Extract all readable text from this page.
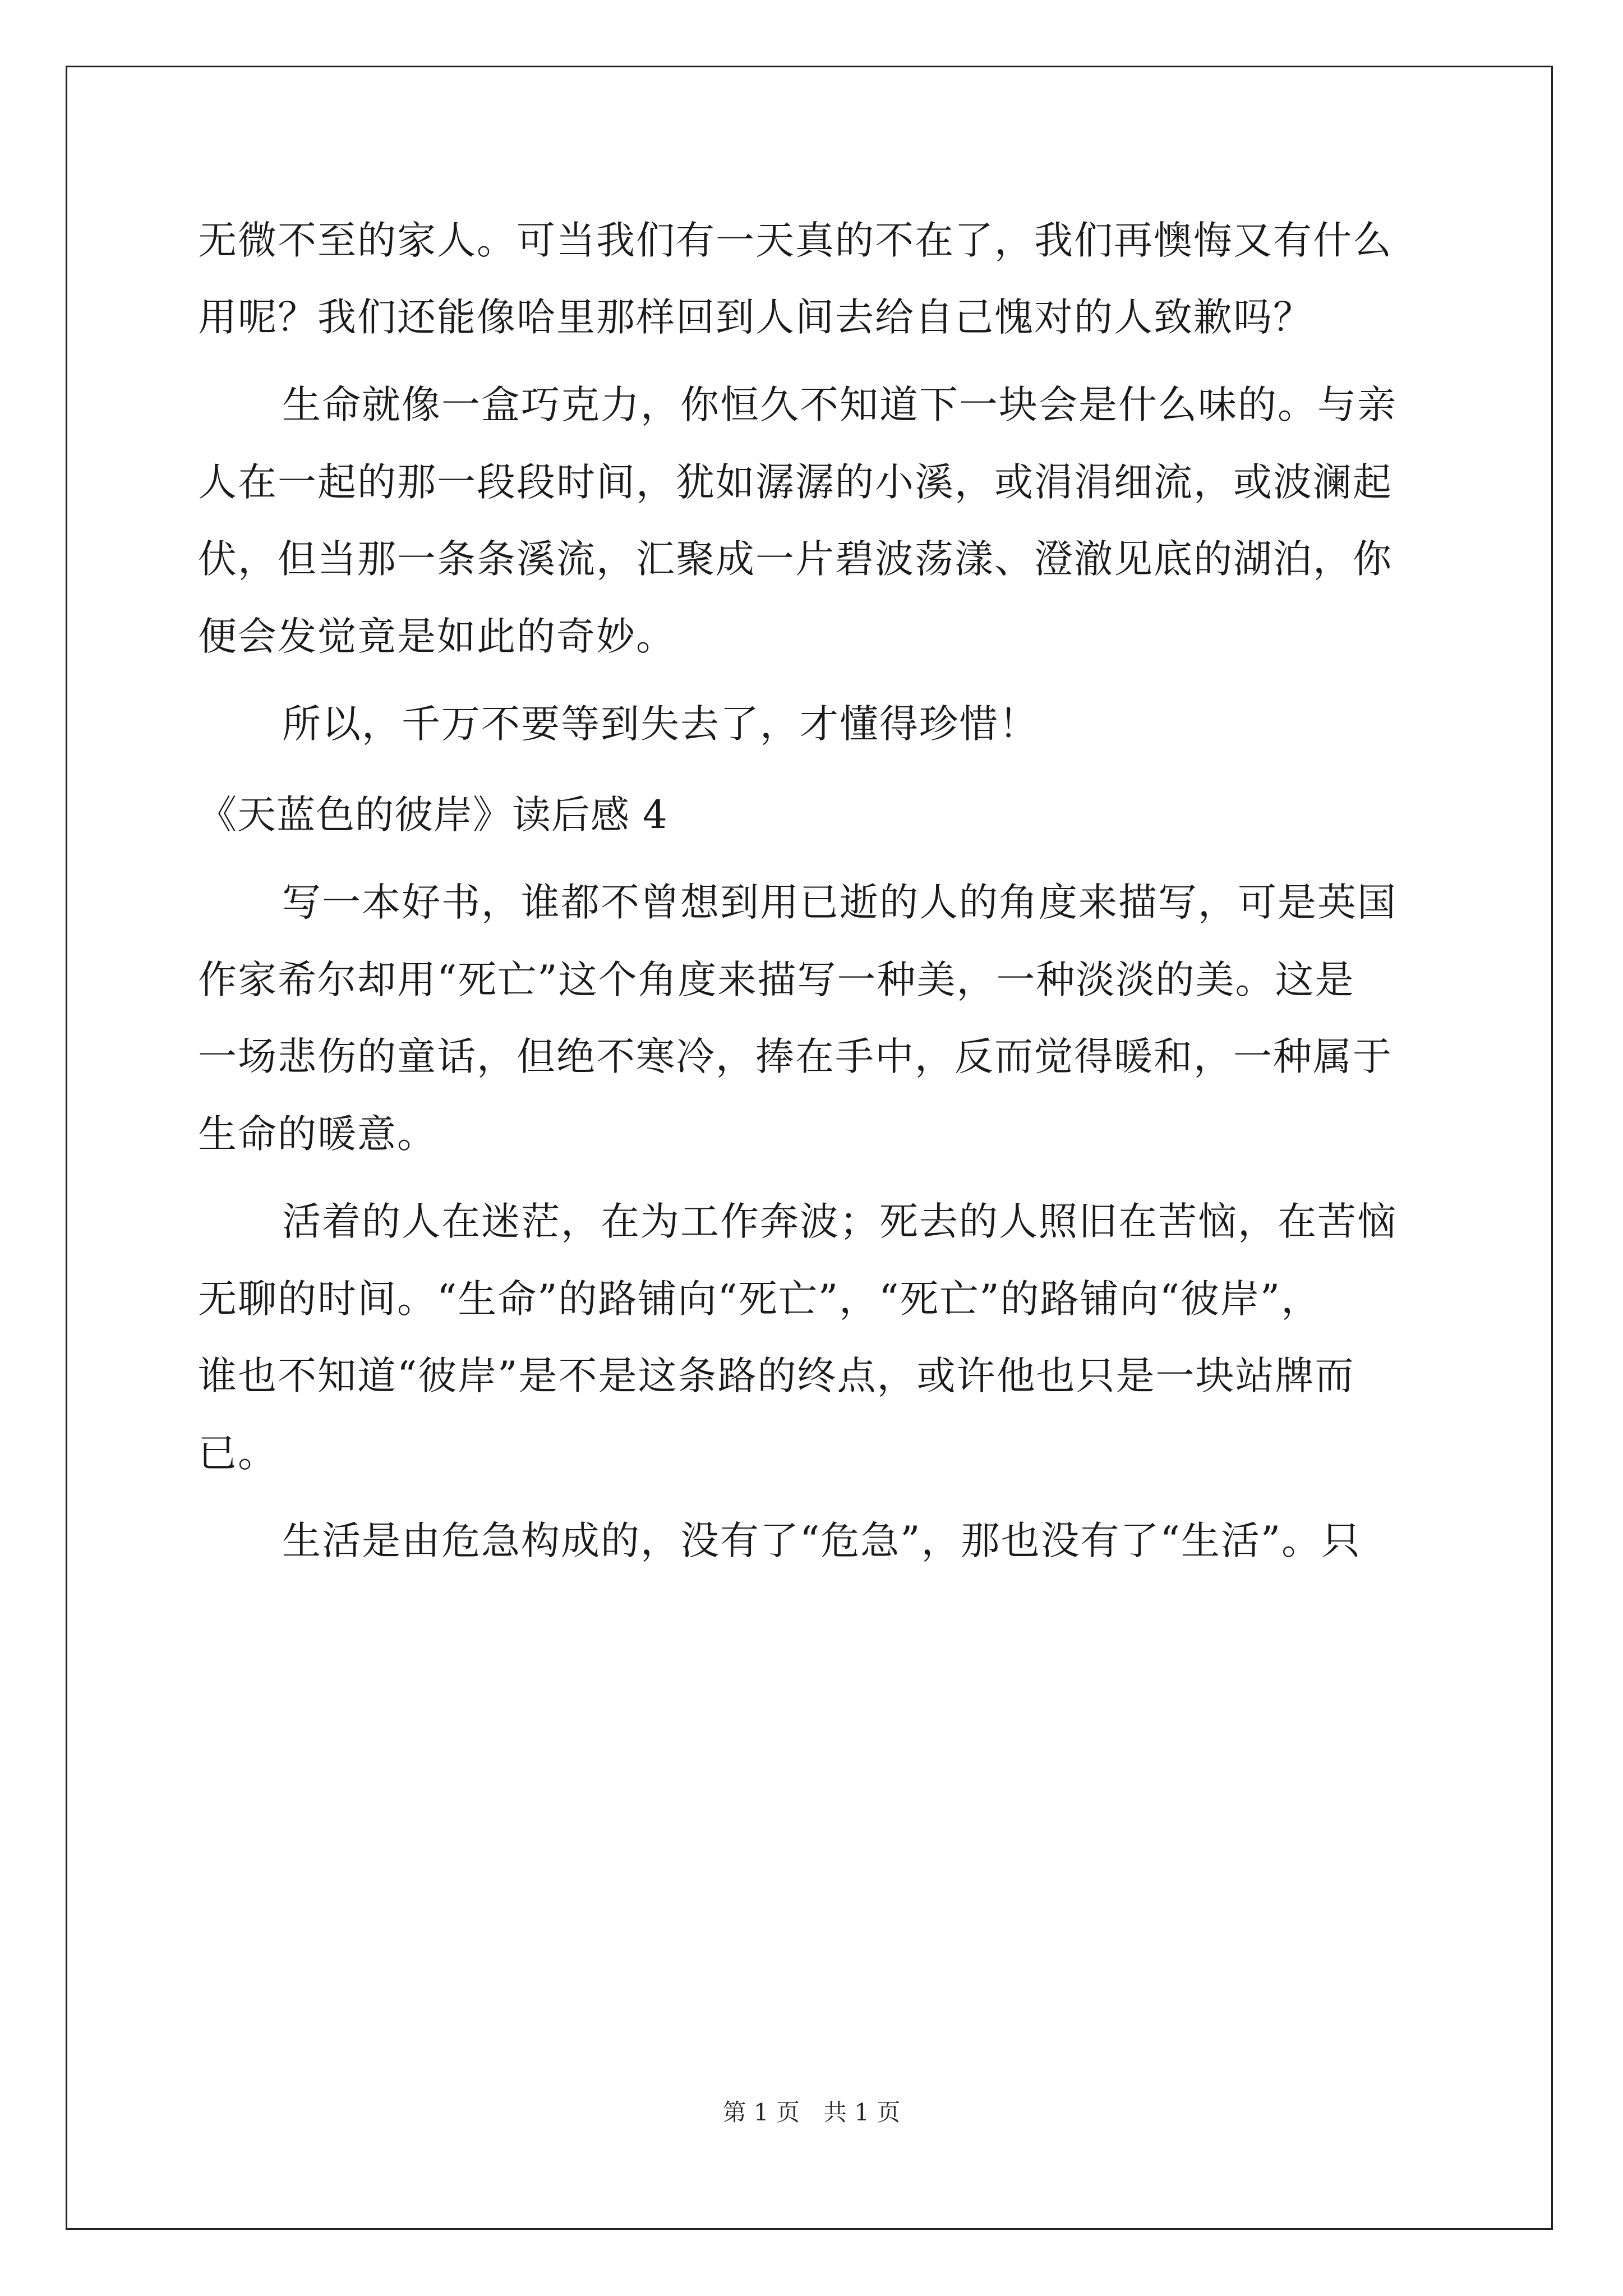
无微不至的家人。可当我们有一天真的不在了，我们再懊悔又有什么
用呢？我们还能像哈里那样回到人间去给自己愧对的人致歉吗？
生命就像一盒巧克力，你恒久不知道下一块会是什么味的。与亲
人在一起的那一段段时间，犹如潺潺的小溪，或涓涓细流，或波澜起
伏，但当那一条条溪流，汇聚成一片碧波荡漾、澄澈见底的湖泊，你
便会发觉竟是如此的奇妙。
所以，千万不要等到失去了，才懂得珍惜！
《天蓝色的彼岸》读后感 4
写一本好书，谁都不曾想到用已逝的人的角度来描写，可是英国
作家希尔却用“死亡”这个角度来描写一种美，一种淡淡的美。这是
一场悲伤的童话，但绝不寒冷，捧在手中，反而觉得暖和，一种属于
生命的暖意。
活着的人在迷茫，在为工作奔波；死去的人照旧在苦恼，在苦恼
无聊的时间。“生命”的路铺向“死亡”，“死亡”的路铺向“彼岸”，
谁也不知道“彼岸”是不是这条路的终点，或许他也只是一块站牌而
已。
生活是由危急构成的，没有了“危急”，那也没有了“生活”。只
第 1 页　共 1 页
